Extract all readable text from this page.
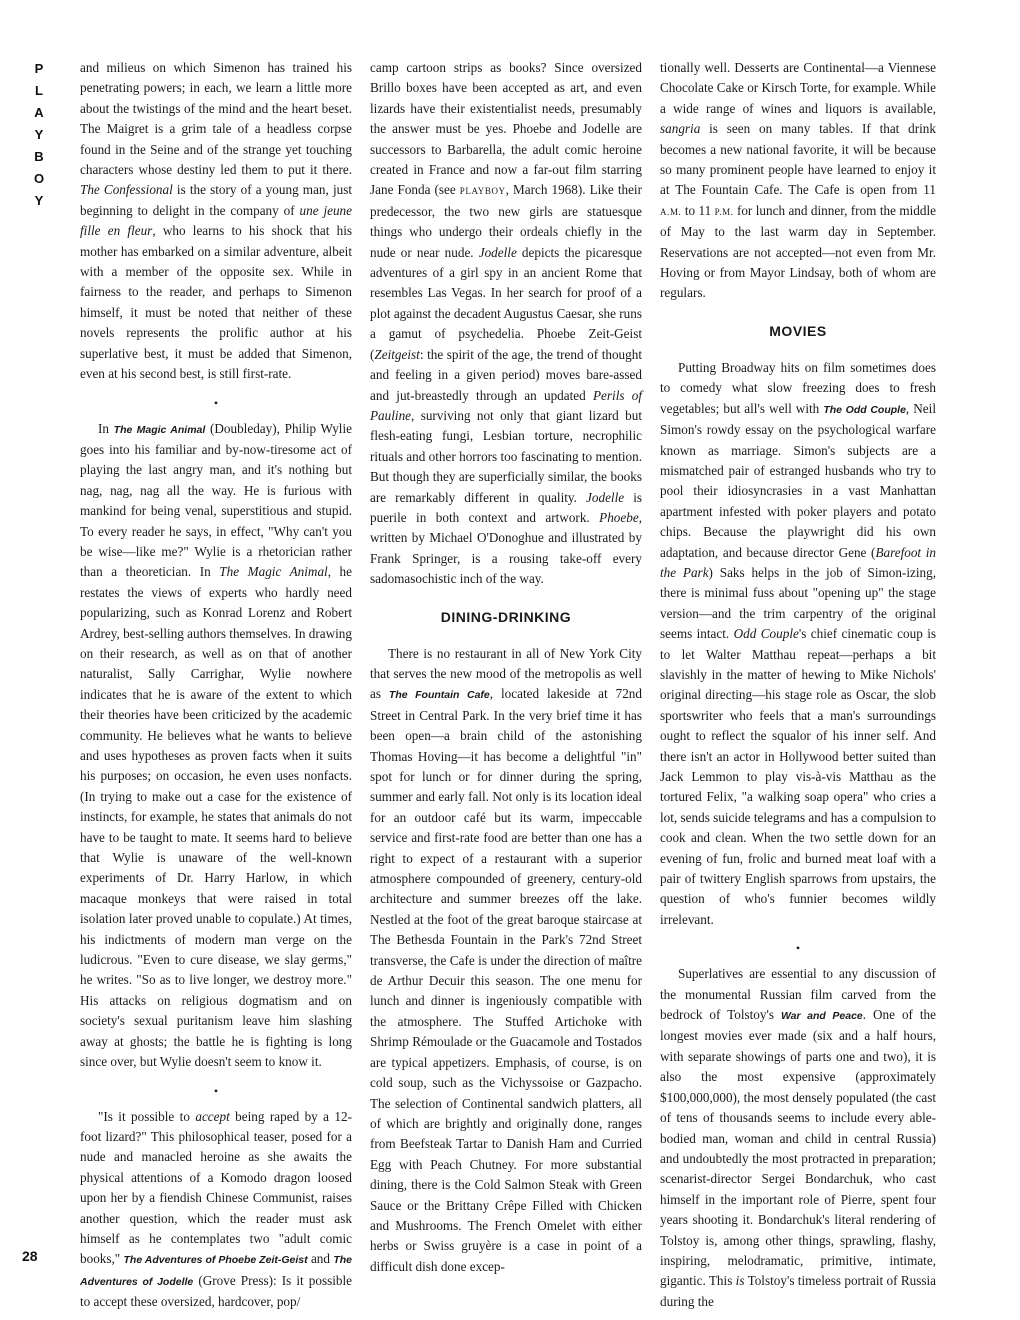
P
L
A
Y
B
O
Y
28

and milieus on which Simenon has trained his penetrating powers; in each, we learn a little more about the twistings of the mind and the heart beset. The Maigret is a grim tale of a headless corpse found in the Seine and of the strange yet touching characters whose destiny led them to put it there. The Confessional is the story of a young man, just beginning to delight in the company of une jeune fille en fleur, who learns to his shock that his mother has embarked on a similar adventure, albeit with a member of the opposite sex. While in fairness to the reader, and perhaps to Simenon himself, it must be noted that neither of these novels represents the prolific author at his superlative best, it must be added that Simenon, even at his second best, is still first-rate.

•

In The Magic Animal (Doubleday), Philip Wylie goes into his familiar and by-now-tiresome act of playing the last angry man, and it's nothing but nag, nag, nag all the way. He is furious with mankind for being venal, superstitious and stupid. To every reader he says, in effect, "Why can't you be wise—like me?" Wylie is a rhetorician rather than a theoretician. In The Magic Animal, he restates the views of experts who hardly need popularizing, such as Konrad Lorenz and Robert Ardrey, best-selling authors themselves. In drawing on their research, as well as on that of another naturalist, Sally Carrighar, Wylie nowhere indicates that he is aware of the extent to which their theories have been criticized by the academic community. He believes what he wants to believe and uses hypotheses as proven facts when it suits his purposes; on occasion, he even uses nonfacts. (In trying to make out a case for the existence of instincts, for example, he states that animals do not have to be taught to mate. It seems hard to believe that Wylie is unaware of the well-known experiments of Dr. Harry Harlow, in which macaque monkeys that were raised in total isolation later proved unable to copulate.) At times, his indictments of modern man verge on the ludicrous. "Even to cure disease, we slay germs," he writes. "So as to live longer, we destroy more." His attacks on religious dogmatism and on society's sexual puritanism leave him slashing away at ghosts; the battle he is fighting is long since over, but Wylie doesn't seem to know it.

•

"Is it possible to accept being raped by a 12-foot lizard?" This philosophical teaser, posed for a nude and manacled heroine as she awaits the physical attentions of a Komodo dragon loosed upon her by a fiendish Chinese Communist, raises another question, which the reader must ask himself as he contemplates two "adult comic books," The Adventures of Phoebe Zeit-Geist and The Adventures of Jodelle (Grove Press): Is it possible to accept these oversized, hardcover, pop/

camp cartoon strips as books? Since oversized Brillo boxes have been accepted as art, and even lizards have their existentialist needs, presumably the answer must be yes. Phoebe and Jodelle are successors to Barbarella, the adult comic heroine created in France and now a far-out film starring Jane Fonda (see PLAYBOY, March 1968). Like their predecessor, the two new girls are statuesque things who undergo their ordeals chiefly in the nude or near nude. Jodelle depicts the picaresque adventures of a girl spy in an ancient Rome that resembles Las Vegas. In her search for proof of a plot against the decadent Augustus Caesar, she runs a gamut of psychedelia. Phoebe Zeit-Geist (Zeitgeist: the spirit of the age, the trend of thought and feeling in a given period) moves bare-assed and jut-breastedly through an updated Perils of Pauline, surviving not only that giant lizard but flesh-eating fungi, Lesbian torture, necrophilic rituals and other horrors too fascinating to mention. But though they are superficially similar, the books are remarkably different in quality. Jodelle is puerile in both context and artwork. Phoebe, written by Michael O'Donoghue and illustrated by Frank Springer, is a rousing take-off every sadomasochistic inch of the way.

DINING-DRINKING

There is no restaurant in all of New York City that serves the new mood of the metropolis as well as The Fountain Cafe, located lakeside at 72nd Street in Central Park. In the very brief time it has been open—a brain child of the astonishing Thomas Hoving—it has become a delightful "in" spot for lunch or for dinner during the spring, summer and early fall. Not only is its location ideal for an outdoor café but its warm, impeccable service and first-rate food are better than one has a right to expect of a restaurant with a superior atmosphere compounded of greenery, century-old architecture and summer breezes off the lake. Nestled at the foot of the great baroque staircase at The Bethesda Fountain in the Park's 72nd Street transverse, the Cafe is under the direction of maître de Arthur Decuir this season. The one menu for lunch and dinner is ingeniously compatible with the atmosphere. The Stuffed Artichoke with Shrimp Rémoulade or the Guacamole and Tostados are typical appetizers. Emphasis, of course, is on cold soup, such as the Vichyssoise or Gazpacho. The selection of Continental sandwich platters, all of which are brightly and originally done, ranges from Beefsteak Tartar to Danish Ham and Curried Egg with Peach Chutney. For more substantial dining, there is the Cold Salmon Steak with Green Sauce or the Brittany Crêpe Filled with Chicken and Mushrooms. The French Omelet with either herbs or Swiss gruyère is a case in point of a difficult dish done excep-

tionally well. Desserts are Continental—a Viennese Chocolate Cake or Kirsch Torte, for example. While a wide range of wines and liquors is available, sangria is seen on many tables. If that drink becomes a new national favorite, it will be because so many prominent people have learned to enjoy it at The Fountain Cafe. The Cafe is open from 11 A.M. to 11 P.M. for lunch and dinner, from the middle of May to the last warm day in September. Reservations are not accepted—not even from Mr. Hoving or from Mayor Lindsay, both of whom are regulars.

MOVIES

Putting Broadway hits on film sometimes does to comedy what slow freezing does to fresh vegetables; but all's well with The Odd Couple, Neil Simon's rowdy essay on the psychological warfare known as marriage. Simon's subjects are a mismatched pair of estranged husbands who try to pool their idiosyncrasies in a vast Manhattan apartment infested with poker players and potato chips. Because the playwright did his own adaptation, and because director Gene (Barefoot in the Park) Saks helps in the job of Simon-izing, there is minimal fuss about "opening up" the stage version—and the trim carpentry of the original seems intact. Odd Couple's chief cinematic coup is to let Walter Matthau repeat—perhaps a bit slavishly in the matter of hewing to Mike Nichols' original directing—his stage role as Oscar, the slob sportswriter who feels that a man's surroundings ought to reflect the squalor of his inner self. And there isn't an actor in Hollywood better suited than Jack Lemmon to play vis-à-vis Matthau as the tortured Felix, "a walking soap opera" who cries a lot, sends suicide telegrams and has a compulsion to cook and clean. When the two settle down for an evening of fun, frolic and burned meat loaf with a pair of twittery English sparrows from upstairs, the question of who's funnier becomes wildly irrelevant.

•

Superlatives are essential to any discussion of the monumental Russian film carved from the bedrock of Tolstoy's War and Peace. One of the longest movies ever made (six and a half hours, with separate showings of parts one and two), it is also the most expensive (approximately $100,000,000), the most densely populated (the cast of tens of thousands seems to include every able-bodied man, woman and child in central Russia) and undoubtedly the most protracted in preparation; scenarist-director Sergei Bondarchuk, who cast himself in the important role of Pierre, spent four years shooting it. Bondarchuk's literal rendering of Tolstoy is, among other things, sprawling, flashy, inspiring, melodramatic, primitive, intimate, gigantic. This is Tolstoy's timeless portrait of Russia during the
